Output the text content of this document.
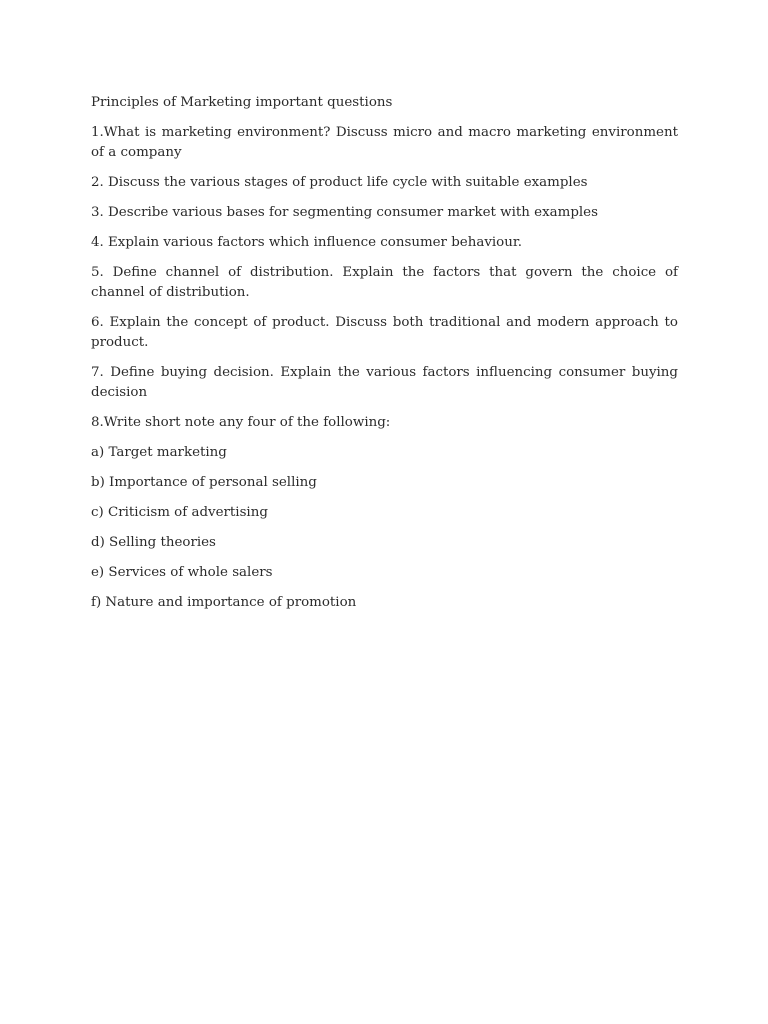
Principles of Marketing important questions

1.What is marketing environment? Discuss micro and macro marketing environment of a company

2. Discuss the various stages of product life cycle with suitable examples

3. Describe various bases for segmenting consumer market with examples

4. Explain various factors which influence consumer behaviour.

5. Define channel of distribution. Explain the factors that govern the choice of channel of distribution.

6. Explain the concept of product. Discuss both traditional and modern approach to product.

7. Define buying decision. Explain the various factors influencing consumer buying decision

8.Write short note any four of the following:

a) Target marketing

b) Importance of personal selling

c) Criticism of advertising

d) Selling theories

e) Services of whole salers

f) Nature and importance of promotion
